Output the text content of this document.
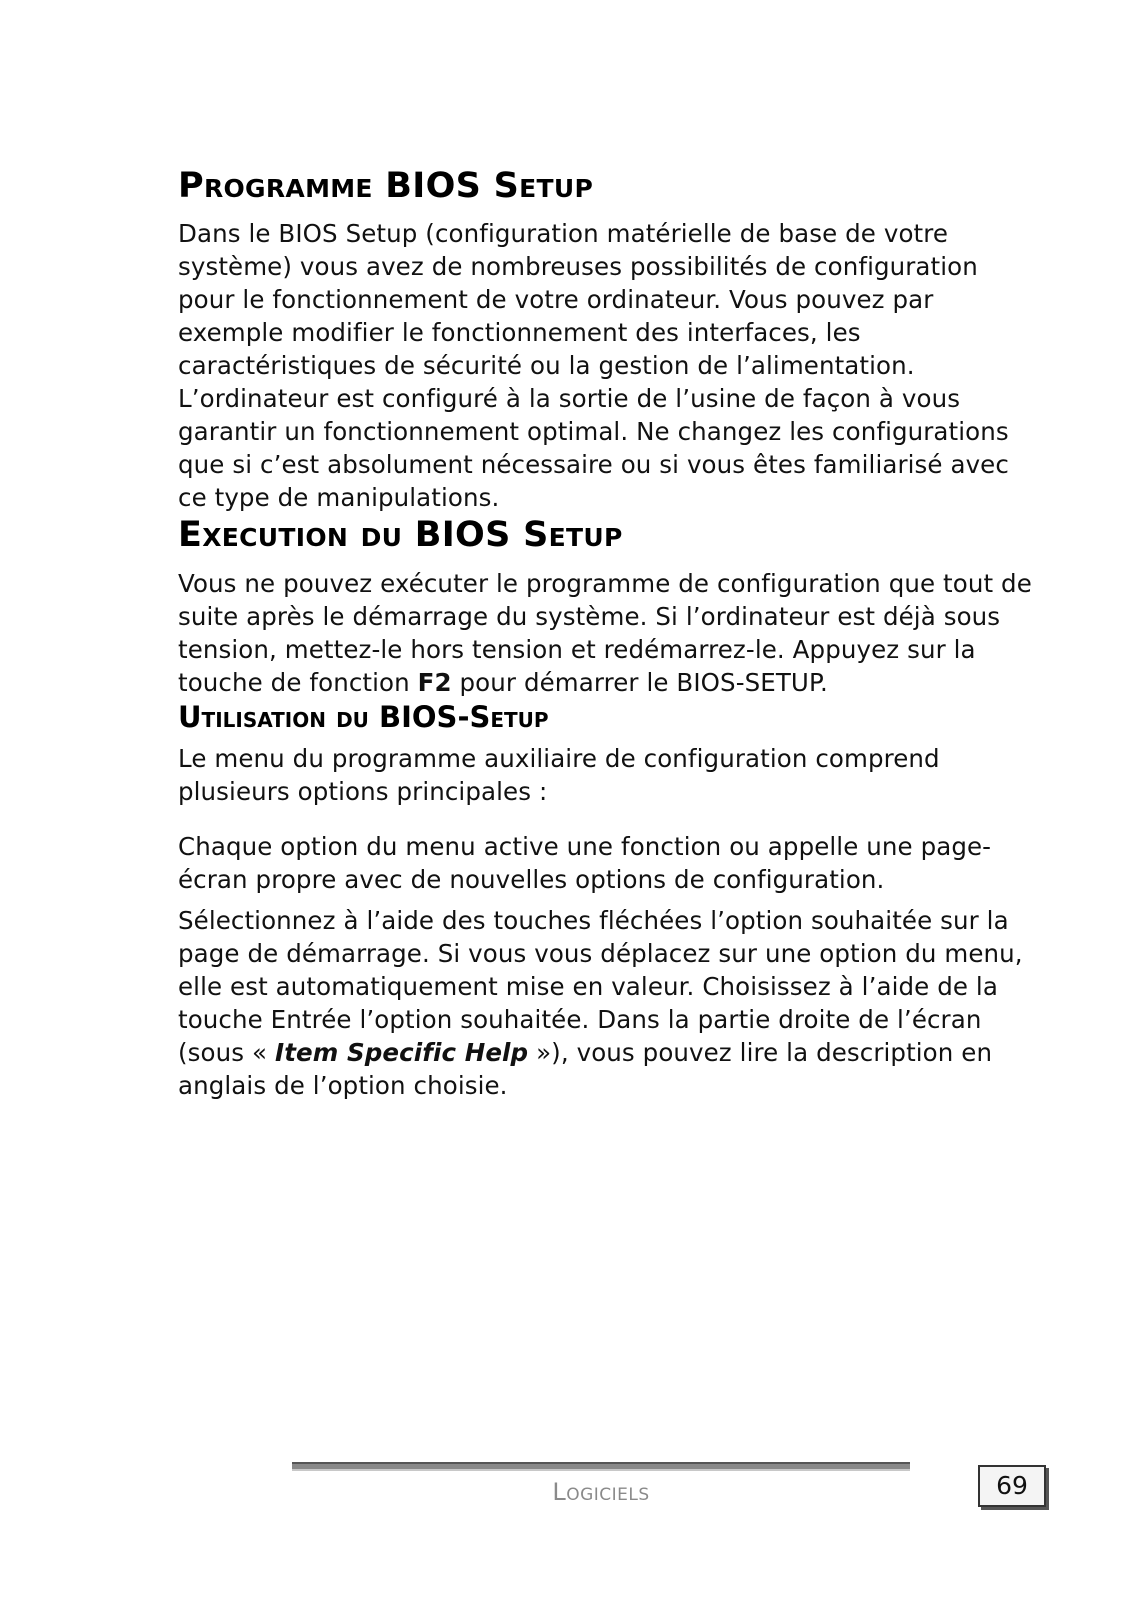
Programme BIOS Setup

Dans le BIOS Setup (configuration matérielle de base de votre système) vous avez de nombreuses possibilités de configuration pour le fonctionnement de votre ordinateur. Vous pouvez par exemple modifier le fonctionnement des interfaces, les caractéristiques de sécurité ou la gestion de l’alimentation. L’ordinateur est configuré à la sortie de l’usine de façon à vous garantir un fonctionnement optimal. Ne changez les configurations que si c’est absolument nécessaire ou si vous êtes familiarisé avec ce type de manipulations.

Execution du BIOS Setup

Vous ne pouvez exécuter le programme de configuration que tout de suite après le démarrage du système. Si l’ordinateur est déjà sous tension, mettez-le hors tension et redémarrez-le. Appuyez sur la touche de fonction F2 pour démarrer le BIOS-SETUP.

Utilisation du BIOS-Setup

Le menu du programme auxiliaire de configuration comprend plusieurs options principales :

Chaque option du menu active une fonction ou appelle une page-écran propre avec de nouvelles options de configuration.

Sélectionnez à l’aide des touches fléchées l’option souhaitée sur la page de démarrage. Si vous vous déplacez sur une option du menu, elle est automatiquement mise en valeur. Choisissez à l’aide de la touche Entrée l’option souhaitée. Dans la partie droite de l’écran (sous « Item Specific Help »), vous pouvez lire la description en anglais de l’option choisie.

Logiciels	69
